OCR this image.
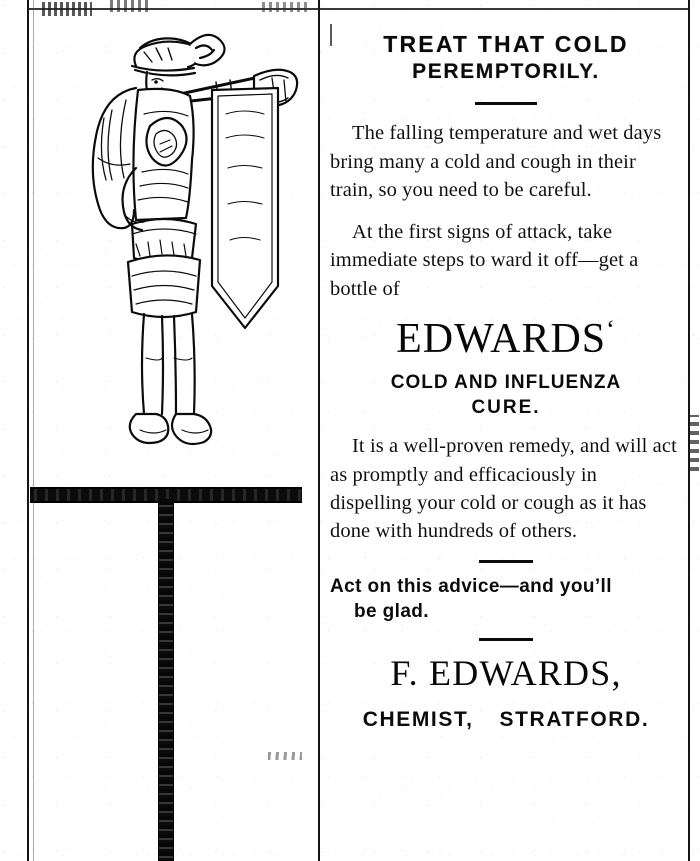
TREAT THAT COLD
PEREMPTORILY.

The falling temperature and wet days bring many a cold and cough in their train, so you need to be careful.

At the first signs of attack, take immediate steps to ward it off—get a bottle of

EDWARDS‘
COLD AND INFLUENZA
CURE.

It is a well-proven remedy, and will act as promptly and efficaciously in dispelling your cold or cough as it has done with hundreds of others.

Act on this advice—and you’ll
be glad.
F. EDWARDS,
CHEMIST, STRATFORD.
